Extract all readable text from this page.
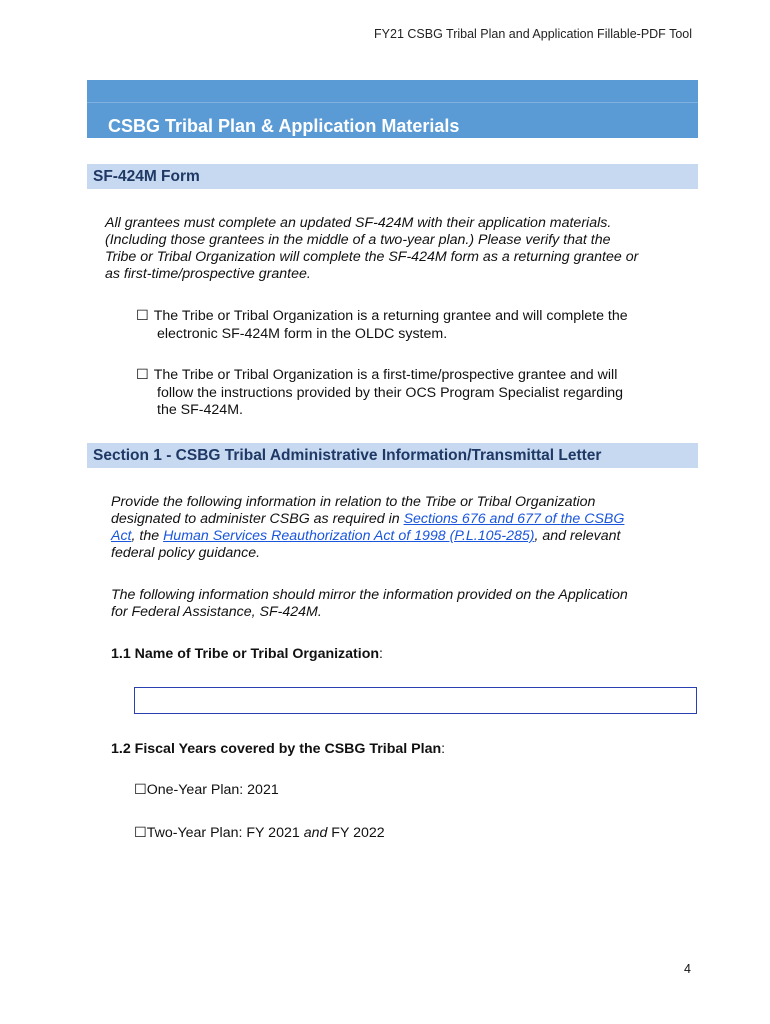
FY21 CSBG Tribal Plan and Application Fillable-PDF Tool
CSBG Tribal Plan & Application Materials
SF-424M Form
All grantees must complete an updated SF-424M with their application materials.
(Including those grantees in the middle of a two-year plan.) Please verify that the
Tribe or Tribal Organization will complete the SF-424M form as a returning grantee or
as first-time/prospective grantee.
☐ The Tribe or Tribal Organization is a returning grantee and will complete the
electronic SF-424M form in the OLDC system.
☐ The Tribe or Tribal Organization is a first-time/prospective grantee and will
follow the instructions provided by their OCS Program Specialist regarding
the SF-424M.
Section 1 - CSBG Tribal Administrative Information/Transmittal Letter
Provide the following information in relation to the Tribe or Tribal Organization
designated to administer CSBG as required in Sections 676 and 677 of the CSBG
Act, the Human Services Reauthorization Act of 1998 (P.L.105-285), and relevant
federal policy guidance.
The following information should mirror the information provided on the Application
for Federal Assistance, SF-424M.
1.1 Name of Tribe or Tribal Organization:
1.2 Fiscal Years covered by the CSBG Tribal Plan:
☐One-Year Plan: 2021
☐Two-Year Plan: FY 2021 and FY 2022
4
